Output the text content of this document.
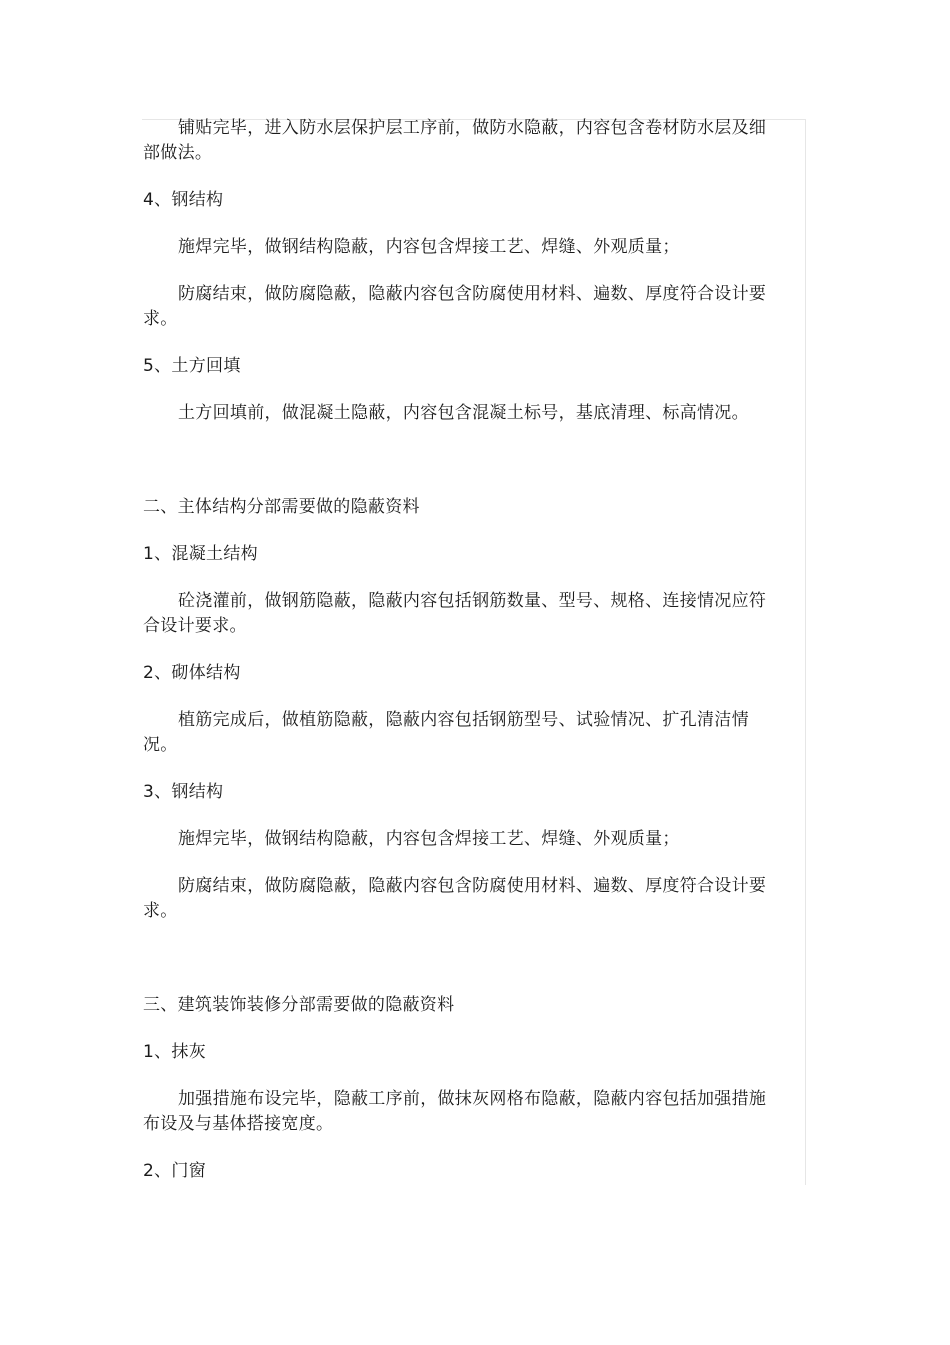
铺贴完毕，进入防水层保护层工序前，做防水隐蔽，内容包含卷材防水层及细部做法。

4、钢结构

施焊完毕，做钢结构隐蔽，内容包含焊接工艺、焊缝、外观质量；

防腐结束，做防腐隐蔽，隐蔽内容包含防腐使用材料、遍数、厚度符合设计要求。

5、土方回填

土方回填前，做混凝土隐蔽，内容包含混凝土标号，基底清理、标高情况。

二、主体结构分部需要做的隐蔽资料

1、混凝土结构

砼浇灌前，做钢筋隐蔽，隐蔽内容包括钢筋数量、型号、规格、连接情况应符合设计要求。

2、砌体结构

植筋完成后，做植筋隐蔽，隐蔽内容包括钢筋型号、试验情况、扩孔清洁情况。

3、钢结构

施焊完毕，做钢结构隐蔽，内容包含焊接工艺、焊缝、外观质量；

防腐结束，做防腐隐蔽，隐蔽内容包含防腐使用材料、遍数、厚度符合设计要求。

三、建筑装饰装修分部需要做的隐蔽资料

1、抹灰

加强措施布设完毕，隐蔽工序前，做抹灰网格布隐蔽，隐蔽内容包括加强措施布设及与基体搭接宽度。

2、门窗
